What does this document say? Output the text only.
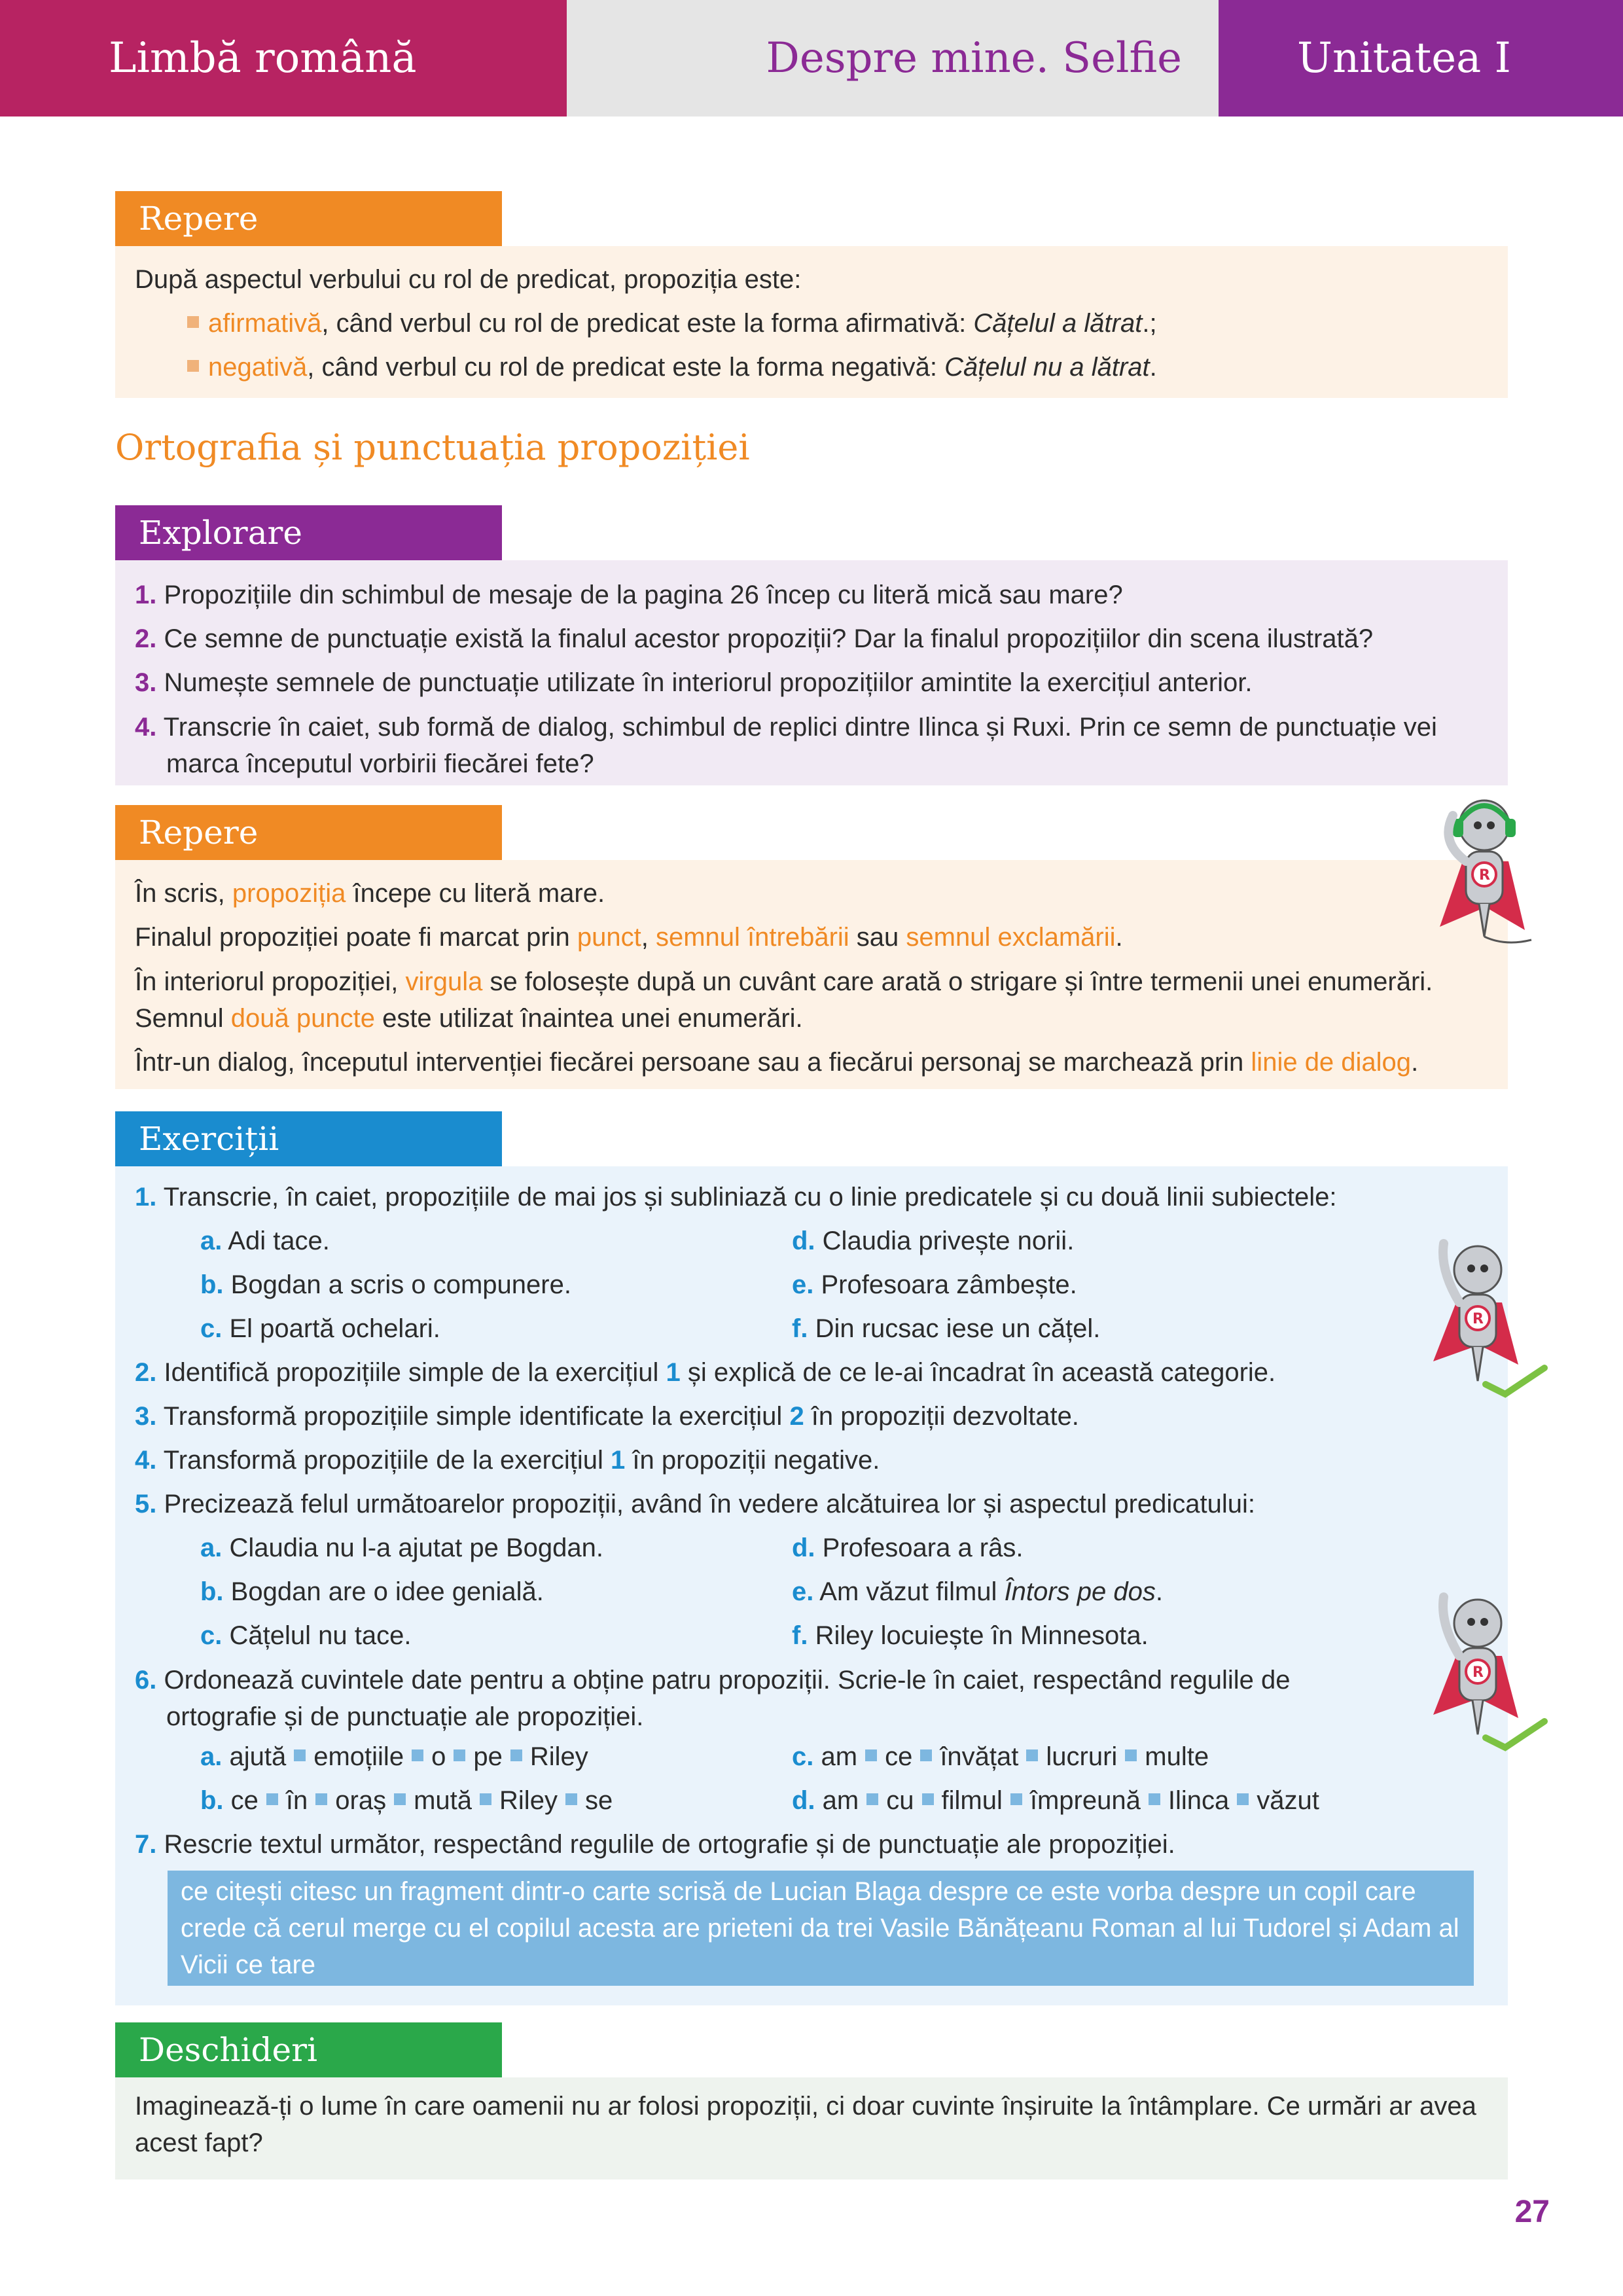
Limbă română	Despre mine. Selfie	Unitatea I
Repere
După aspectul verbului cu rol de predicat, propoziția este:
afirmativă, când verbul cu rol de predicat este la forma afirmativă: Cățelul a lătrat.;
negativă, când verbul cu rol de predicat este la forma negativă: Cățelul nu a lătrat.
Ortografia și punctuația propoziției
Explorare
1. Propozițiile din schimbul de mesaje de la pagina 26 încep cu literă mică sau mare?
2. Ce semne de punctuație există la finalul acestor propoziții? Dar la finalul propozițiilor din scena ilustrată?
3. Numește semnele de punctuație utilizate în interiorul propozițiilor amintite la exercițiul anterior.
4. Transcrie în caiet, sub formă de dialog, schimbul de replici dintre Ilinca și Ruxi. Prin ce semn de punctuație vei marca începutul vorbirii fiecărei fete?
Repere
În scris, propoziția începe cu literă mare.
Finalul propoziției poate fi marcat prin punct, semnul întrebării sau semnul exclamării.
În interiorul propoziției, virgula se folosește după un cuvânt care arată o strigare și între termenii unei enumerări.
Semnul două puncte este utilizat înaintea unei enumerări.
Într-un dialog, începutul intervenției fiecărei persoane sau a fiecărui personaj se marchează prin linie de dialog.
R
Exerciții
1. Transcrie, în caiet, propozițiile de mai jos și subliniază cu o linie predicatele și cu două linii subiectele:
a. Adi tace.
b. Bogdan a scris o compunere.
c. El poartă ochelari.
d. Claudia privește norii.
e. Profesoara zâmbește.
f. Din rucsac iese un cățel.
2. Identifică propozițiile simple de la exercițiul 1 și explică de ce le-ai încadrat în această categorie.
3. Transformă propozițiile simple identificate la exercițiul 2 în propoziții dezvoltate.
4. Transformă propozițiile de la exercițiul 1 în propoziții negative.
5. Precizează felul următoarelor propoziții, având în vedere alcătuirea lor și aspectul predicatului:
a. Claudia nu l-a ajutat pe Bogdan.
b. Bogdan are o idee genială.
c. Cățelul nu tace.
d. Profesoara a râs.
e. Am văzut filmul Întors pe dos.
f. Riley locuiește în Minnesota.
6. Ordonează cuvintele date pentru a obține patru propoziții. Scrie-le în caiet, respectând regulile de ortografie și de punctuație ale propoziției.
a. ajută emoțiile o pe Riley
b. ce în oraș mută Riley se
c. am ce învățat lucruri multe
d. am cu filmul împreună Ilinca văzut
7. Rescrie textul următor, respectând regulile de ortografie și de punctuație ale propoziției.
ce citești citesc un fragment dintr-o carte scrisă de Lucian Blaga despre ce este vorba despre un copil care crede că cerul merge cu el copilul acesta are prieteni da trei Vasile Bănățeanu Roman al lui Tudorel și Adam al Vicii ce tare
R
R
Deschideri
Imaginează-ți o lume în care oamenii nu ar folosi propoziții, ci doar cuvinte înșiruite la întâmplare. Ce urmări ar avea acest fapt?
27
